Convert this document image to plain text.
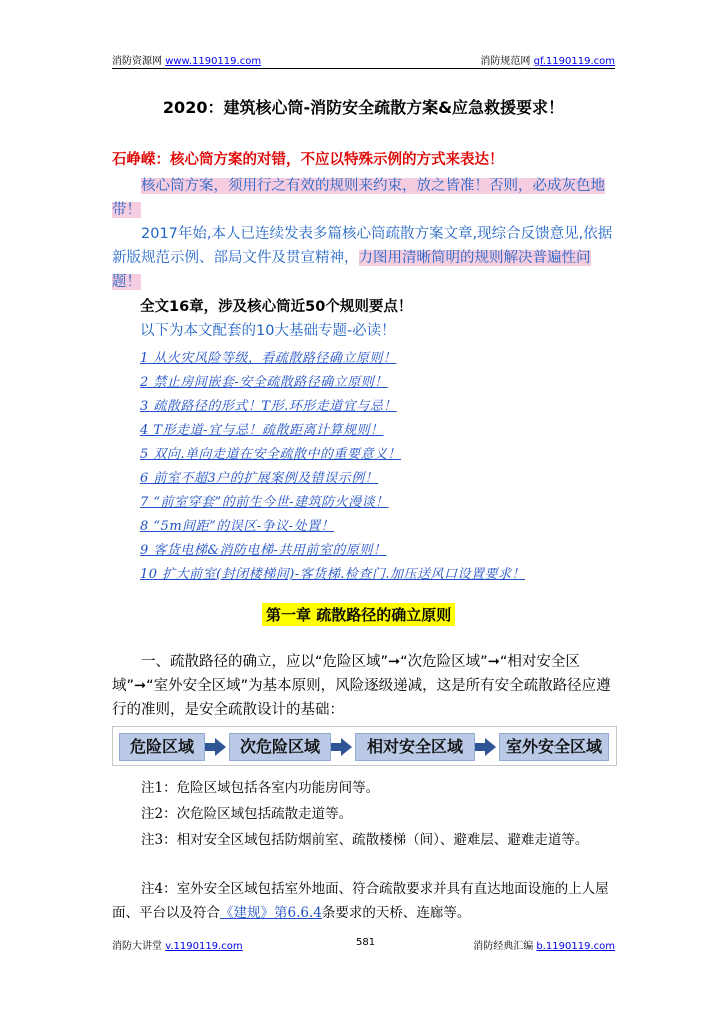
消防资源网 www.1190119.com	消防规范网 gf.1190119.com
2020：建筑核心筒-消防安全疏散方案&应急救援要求！
石峥嵘：核心筒方案的对错，不应以特殊示例的方式来表达！
核心筒方案，须用行之有效的规则来约束，放之皆准！否则，必成灰色地带！
2017年始,本人已连续发表多篇核心筒疏散方案文章,现综合反馈意见,依据新版规范示例、部局文件及贯宣精神，力图用清晰简明的规则解决普遍性问题！
全文16章，涉及核心筒近50个规则要点！
以下为本文配套的10大基础专题-必读！
1 从火灾风险等级，看疏散路径确立原则！
2 禁止房间嵌套-安全疏散路径确立原则！
3 疏散路径的形式！T形.环形走道宜与忌！
4 T形走道-宜与忌！疏散距离计算规则！
5 双向.单向走道在安全疏散中的重要意义！
6 前室不超3户的扩展案例及错误示例！
7 “前室穿套”的前生今世-建筑防火漫谈！
8 “5m间距”的误区-争议-处置！
9 客货电梯&消防电梯-共用前室的原则！
10 扩大前室(封闭楼梯间)-客货梯.检查门.加压送风口设置要求！
第一章 疏散路径的确立原则
一、疏散路径的确立，应以“危险区域”➞“次危险区域”➞“相对安全区域”➞“室外安全区域”为基本原则，风险逐级递减，这是所有安全疏散路径应遵行的准则，是安全疏散设计的基础：
危险区域	次危险区域	相对安全区域	室外安全区域
注1：危险区域包括各室内功能房间等。
注2：次危险区域包括疏散走道等。
注3：相对安全区域包括防烟前室、疏散楼梯（间）、避难层、避难走道等。
注4：室外安全区域包括室外地面、符合疏散要求并具有直达地面设施的上人屋面、平台以及符合《建规》第6.6.4条要求的天桥、连廊等。
消防大讲堂 v.1190119.com	581	消防经典汇编 b.1190119.com
